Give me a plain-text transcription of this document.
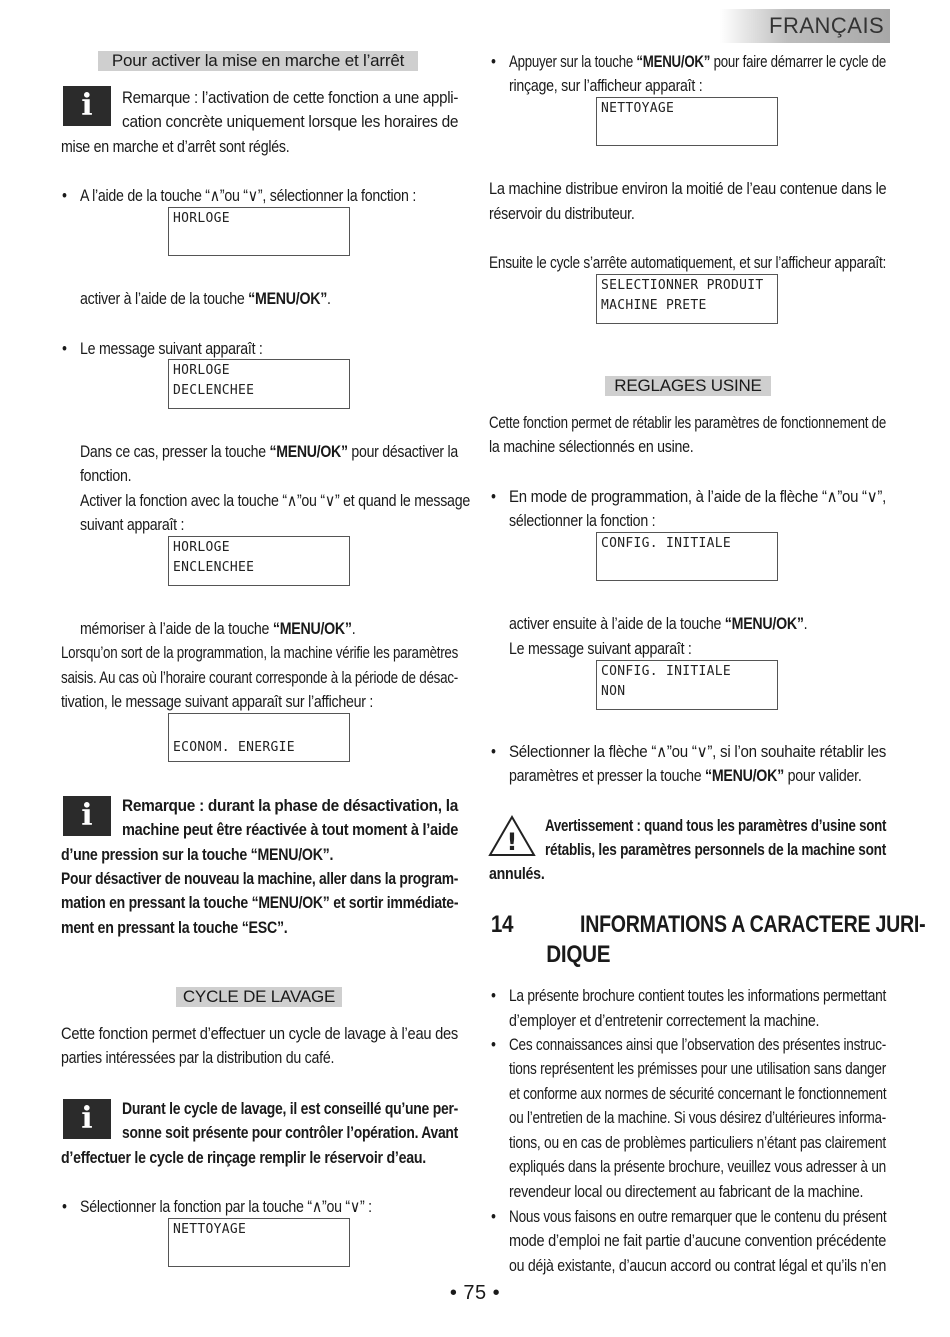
FRANÇAIS
Pour activer la mise en marche et l’arrêt
i	Remarque : l’activation de cette fonction a une appli-
cation concrète uniquement lorsque les horaires de
mise en marche et d’arrêt sont réglés.
• A l’aide de la touche “∧”ou “∨”, sélectionner la fonction :
HORLOGE
activer à l’aide de la touche “MENU/OK”.
• Le message suivant apparaît :
HORLOGE
DECLENCHEE
Dans ce cas, presser la touche “MENU/OK” pour désactiver la
fonction.
Activer la fonction avec la touche “∧”ou “∨” et quand le message
suivant apparaît :
HORLOGE
ENCLENCHEE
mémoriser à l’aide de la touche “MENU/OK”.
Lorsqu’on sort de la programmation, la machine vérifie les paramètres
saisis. Au cas où l’horaire courant corresponde à la période de désac-
tivation, le message suivant apparaît sur l’afficheur :
ECONOM. ENERGIE
i	Remarque : durant la phase de désactivation, la
machine peut être réactivée à tout moment à l’aide
d’une pression sur la touche “MENU/OK”.
Pour désactiver de nouveau la machine, aller dans la program-
mation en pressant la touche “MENU/OK” et sortir immédiate-
ment en pressant la touche “ESC”.
CYCLE DE LAVAGE
Cette fonction permet d’effectuer un cycle de lavage à l’eau des
parties intéressées par la distribution du café.
i	Durant le cycle de lavage, il est conseillé qu’une per-
sonne soit présente pour contrôler l’opération. Avant
d’effectuer le cycle de rinçage remplir le réservoir d’eau.
• Sélectionner la fonction par la touche “∧”ou “∨” :
NETTOYAGE
• Appuyer sur la touche “MENU/OK” pour faire démarrer le cycle de
rinçage, sur l’afficheur apparaît :
NETTOYAGE
La machine distribue environ la moitié de l’eau contenue dans le
réservoir du distributeur.
Ensuite le cycle s’arrête automatiquement, et sur l’afficheur apparaît:
SELECTIONNER PRODUIT
MACHINE PRETE
REGLAGES USINE
Cette fonction permet de rétablir les paramètres de fonctionnement de
la machine sélectionnés en usine.
• En mode de programmation, à l’aide de la flèche “∧”ou “∨”,
sélectionner la fonction :
CONFIG. INITIALE
activer ensuite à l’aide de la touche “MENU/OK”.
Le message suivant apparaît :
CONFIG. INITIALE
NON
• Sélectionner la flèche “∧”ou “∨”, si l’on souhaite rétablir les
paramètres et presser la touche “MENU/OK” pour valider.
!
Avertissement : quand tous les paramètres d’usine sont
rétablis, les paramètres personnels de la machine sont
annulés.
14	INFORMATIONS A CARACTERE JURI-
DIQUE
• La présente brochure contient toutes les informations permettant
d’employer et d’entretenir correctement la machine.
• Ces connaissances ainsi que l’observation des présentes instruc-
tions représentent les prémisses pour une utilisation sans danger
et conforme aux normes de sécurité concernant le fonctionnement
ou l’entretien de la machine. Si vous désirez d’ultérieures informa-
tions, ou en cas de problèmes particuliers n’étant pas clairement
expliqués dans la présente brochure, veuillez vous adresser à un
revendeur local ou directement au fabricant de la machine.
• Nous vous faisons en outre remarquer que le contenu du présent
mode d’emploi ne fait partie d’aucune convention précédente
ou déjà existante, d’aucun accord ou contrat légal et qu’ils n’en
• 75 •
